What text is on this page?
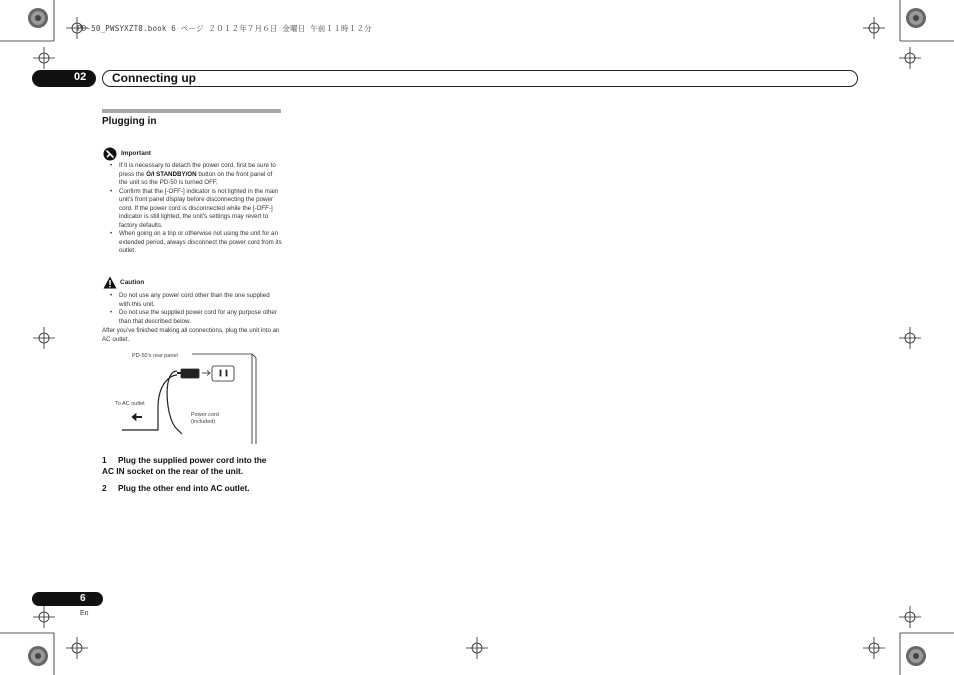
PD-50_PWSYXZT8.book 6 ページ ２０１２年７月６日 金曜日 午前１１時１２分
02 Connecting up
Plugging in
Important
• If it is necessary to detach the power cord, first be sure to press the Ò/I STANDBY/ON button on the front panel of the unit so the PD-50 is turned OFF.
• Confirm that the [-OFF-] indicator is not lighted in the main unit’s front panel display before disconnecting the power cord. If the power cord is disconnected while the [-OFF-] indicator is still lighted, the unit’s settings may revert to factory defaults.
• When going on a trip or otherwise not using the unit for an extended period, always disconnect the power cord from its outlet.
Caution
• Do not use any power cord other than the one supplied with this unit.
• Do not use the supplied power cord for any purpose other than that described below.
After you’ve finished making all connections, plug the unit into an AC outlet.
PD-50’s rear panel
To AC outlet
Power cord
(included)
1 Plug the supplied power cord into the
AC IN socket on the rear of the unit.
2 Plug the other end into AC outlet.
6
En
